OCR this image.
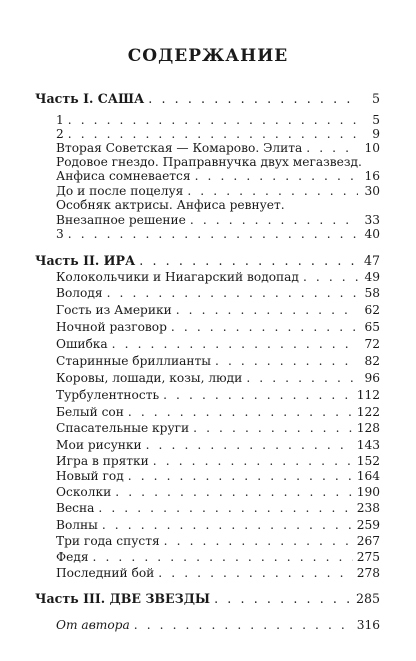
СОДЕРЖАНИЕ
Часть I. САША . . .	5
1 . . .	5
2 . . .	9
Вторая Советская — Комарово. Элита . . .	10
Родовое гнездо. Праправнучка двух мегазвезд.
Анфиса сомневается . . .	16
До и после поцелуя . . .	30
Особняк актрисы. Анфиса ревнует.
Внезапное решение . . .	33
3 . . .	40
Часть II. ИРА . . .	47
Колокольчики и Ниагарский водопад . . .	49
Володя . . .	58
Гость из Америки . . .	62
Ночной разговор . . .	65
Ошибка . . .	72
Старинные бриллианты . . .	82
Коровы, лошади, козы, люди . . .	96
Турбулентность . . .	112
Белый сон . . .	122
Спасательные круги . . .	128
Мои рисунки . . .	143
Игра в прятки . . .	152
Новый год . . .	164
Осколки . . .	190
Весна . . .	238
Волны . . .	259
Три года спустя . . .	267
Федя . . .	275
Последний бой . . .	278
Часть III. ДВЕ ЗВЕЗДЫ . . .	285
От автора . . .	316
